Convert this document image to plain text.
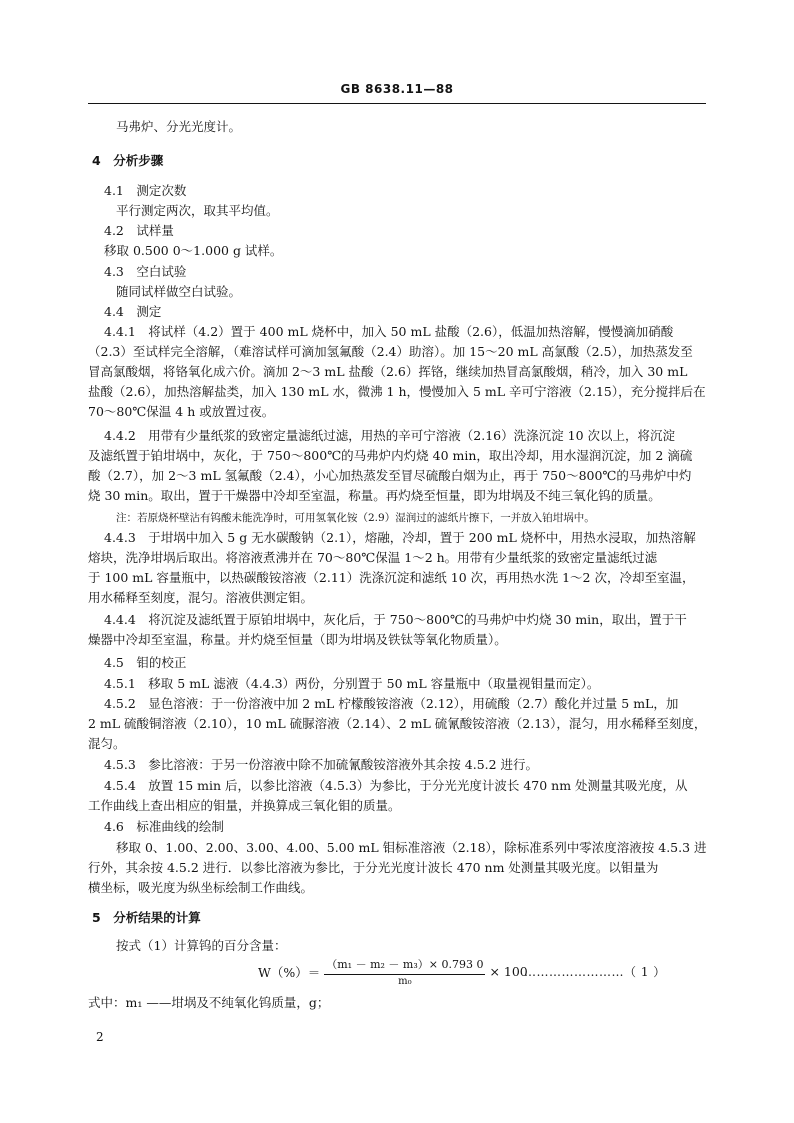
GB 8638.11—88
马弗炉、分光光度计。
4　分析步骤
4.1　测定次数
平行测定两次，取其平均值。
4.2　试样量
移取 0.500 0～1.000 g 试样。
4.3　空白试验
随同试样做空白试验。
4.4　测定
4.4.1　将试样（4.2）置于 400 mL 烧杯中，加入 50 mL 盐酸（2.6），低温加热溶解，慢慢滴加硝酸
（2.3）至试样完全溶解，（难溶试样可滴加氢氟酸（2.4）助溶）。加 15～20 mL 高氯酸（2.5），加热蒸发至
冒高氯酸烟，将铬氧化成六价。滴加 2～3 mL 盐酸（2.6）挥铬，继续加热冒高氯酸烟，稍冷，加入 30 mL
盐酸（2.6），加热溶解盐类，加入 130 mL 水，微沸 1 h，慢慢加入 5 mL 辛可宁溶液（2.15），充分搅拌后在
70～80℃保温 4 h 或放置过夜。
4.4.2　用带有少量纸浆的致密定量滤纸过滤，用热的辛可宁溶液（2.16）洗涤沉淀 10 次以上，将沉淀
及滤纸置于铂坩埚中，灰化，于 750～800℃的马弗炉内灼烧 40 min，取出冷却，用水湿润沉淀，加 2 滴硫
酸（2.7），加 2～3 mL 氢氟酸（2.4），小心加热蒸发至冒尽硫酸白烟为止，再于 750～800℃的马弗炉中灼
烧 30 min。取出，置于干燥器中冷却至室温，称量。再灼烧至恒量，即为坩埚及不纯三氧化钨的质量。
注：若原烧杯壁沾有钨酸未能洗净时，可用氢氧化铵（2.9）湿润过的滤纸片擦下，一并放入铂坩埚中。
4.4.3　于坩埚中加入 5 g 无水碳酸钠（2.1），熔融，冷却，置于 200 mL 烧杯中，用热水浸取，加热溶解
熔块，洗净坩埚后取出。将溶液煮沸并在 70～80℃保温 1～2 h。用带有少量纸浆的致密定量滤纸过滤
于 100 mL 容量瓶中，以热碳酸铵溶液（2.11）洗涤沉淀和滤纸 10 次，再用热水洗 1～2 次，冷却至室温，
用水稀释至刻度，混匀。溶液供测定钼。
4.4.4　将沉淀及滤纸置于原铂坩埚中，灰化后，于 750～800℃的马弗炉中灼烧 30 min，取出，置于干
燥器中冷却至室温，称量。并灼烧至恒量（即为坩埚及铁钛等氧化物质量）。
4.5　钼的校正
4.5.1　移取 5 mL 滤液（4.4.3）两份，分别置于 50 mL 容量瓶中（取量视钼量而定）。
4.5.2　显色溶液：于一份溶液中加 2 mL 柠檬酸铵溶液（2.12），用硫酸（2.7）酸化并过量 5 mL，加
2 mL 硫酸铜溶液（2.10），10 mL 硫脲溶液（2.14）、2 mL 硫氰酸铵溶液（2.13），混匀，用水稀释至刻度，
混匀。
4.5.3　参比溶液：于另一份溶液中除不加硫氰酸铵溶液外其余按 4.5.2 进行。
4.5.4　放置 15 min 后，以参比溶液（4.5.3）为参比，于分光光度计波长 470 nm 处测量其吸光度，从
工作曲线上查出相应的钼量，并换算成三氧化钼的质量。
4.6　标准曲线的绘制
移取 0、1.00、2.00、3.00、4.00、5.00 mL 钼标准溶液（2.18），除标准系列中零浓度溶液按 4.5.3 进
行外，其余按 4.5.2 进行．以参比溶液为参比，于分光光度计波长 470 nm 处测量其吸光度。以钼量为
横坐标，吸光度为纵坐标绘制工作曲线。
5　分析结果的计算
按式（1）计算钨的百分含量：
$W(\%)= \frac{\text{（m₁ － m₂ － m₃）× 0.793 0}}{\text{m₀}} \times 100$
……………………（ 1 ）
式中：m₁ ——坩埚及不纯氧化钨质量，g；
2
